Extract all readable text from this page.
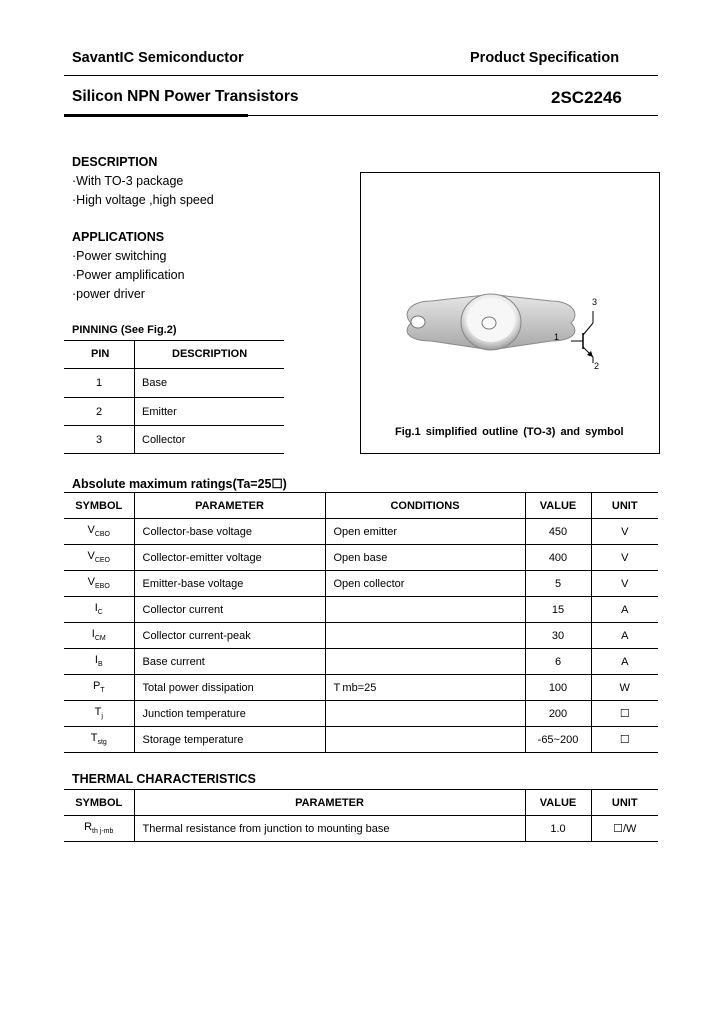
SavantIC Semiconductor	Product Specification
Silicon NPN Power Transistors	2SC2246
DESCRIPTION
·With TO-3 package
·High voltage ,high speed
APPLICATIONS
·Power switching
·Power amplification
·power driver
PINNING (See Fig.2)
PIN	DESCRIPTION
1	Base
2	Emitter
3	Collector
3
1
2
Fig.1 simplified outline (TO-3) and symbol
Absolute maximum ratings(Ta=25☐)
SYMBOL	PARAMETER	CONDITIONS	VALUE	UNIT
$V_{CBO}$	Collector-base voltage	Open emitter	450	V
$V_{CEO}$	Collector-emitter voltage	Open base	400	V
$V_{EBO}$	Emitter-base voltage	Open collector	5	V
$I_C$	Collector current		15	A
$I_{CM}$	Collector current-peak		30	A
$I_B$	Base current		6	A
$P_T$	Total power dissipation	T mb=25	100	W
$T_j$	Junction temperature		200	☐
$T_{stg}$	Storage temperature		-65~200	☐
THERMAL CHARACTERISTICS
SYMBOL	PARAMETER	VALUE	UNIT
$R_{th j-mb}$	Thermal resistance from junction to mounting base	1.0	☐/W
